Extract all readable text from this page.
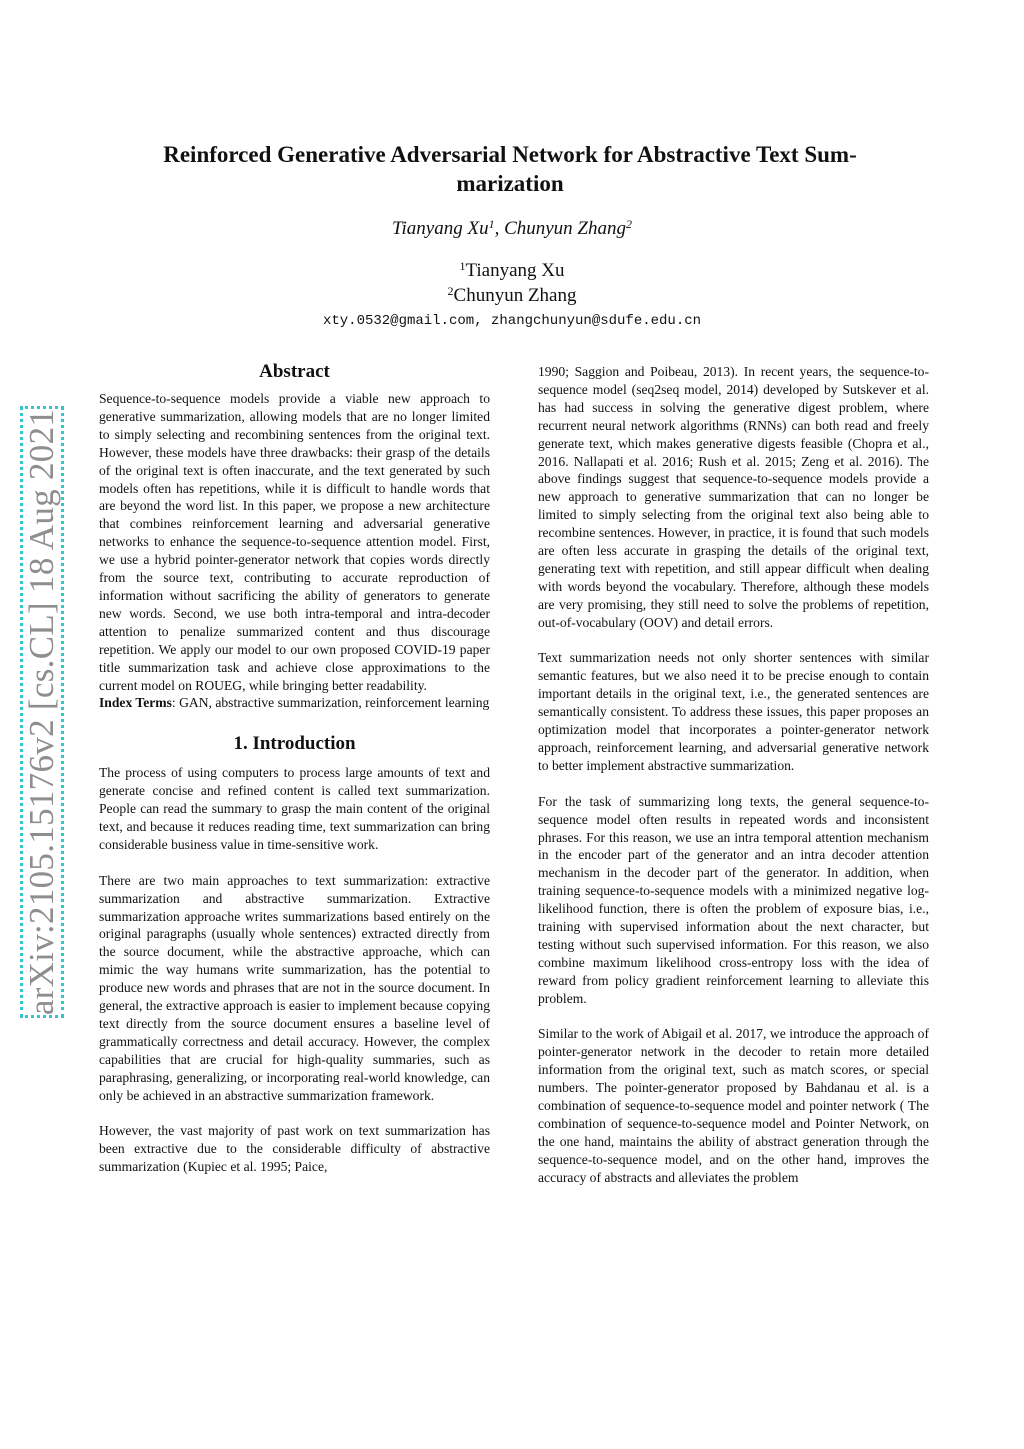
arXiv:2105.15176v2 [cs.CL] 18 Aug 2021
Reinforced Generative Adversarial Network for Abstractive Text Sum-
marization
Tianyang Xu$^1$, Chunyun Zhang$^2$
$^1$Tianyang Xu
$^2$Chunyun Zhang
xty.0532@gmail.com, zhangchunyun@sdufe.edu.cn
Abstract

Sequence-to-sequence models provide a viable new approach to generative summarization, allowing models that are no longer limited to simply selecting and recombining sentences from the original text. However, these models have three drawbacks: their grasp of the details of the original text is often inaccurate, and the text generated by such models often has repetitions, while it is difficult to handle words that are beyond the word list. In this paper, we propose a new architecture that combines reinforcement learning and adversarial generative networks to enhance the sequence-to-sequence attention model. First, we use a hybrid pointer-generator network that copies words directly from the source text, contributing to accurate reproduction of information without sacrificing the ability of generators to generate new words. Second, we use both intra-temporal and intra-decoder attention to penalize summarized content and thus discourage repetition. We apply our model to our own proposed COVID-19 paper title summarization task and achieve close approximations to the current model on ROUEG, while bringing better readability.

Index Terms: GAN, abstractive summarization, reinforcement learning

1. Introduction

The process of using computers to process large amounts of text and generate concise and refined content is called text summarization. People can read the summary to grasp the main content of the original text, and because it reduces reading time, text summarization can bring considerable business value in time-sensitive work.

There are two main approaches to text summarization: extractive summarization and abstractive summarization. Extractive summarization approache writes summarizations based entirely on the original paragraphs (usually whole sentences) extracted directly from the source document, while the abstractive approache, which can mimic the way humans write summarization, has the potential to produce new words and phrases that are not in the source document. In general, the extractive approach is easier to implement because copying text directly from the source document ensures a baseline level of grammatically correctness and detail accuracy. However, the complex capabilities that are crucial for high-quality summaries, such as paraphrasing, generalizing, or incorporating real-world knowledge, can only be achieved in an abstractive summarization framework.

However, the vast majority of past work on text summarization has been extractive due to the considerable difficulty of abstractive summarization (Kupiec et al. 1995; Paice,

1990; Saggion and Poibeau, 2013). In recent years, the sequence-to-sequence model (seq2seq model, 2014) developed by Sutskever et al. has had success in solving the generative digest problem, where recurrent neural network algorithms (RNNs) can both read and freely generate text, which makes generative digests feasible (Chopra et al., 2016. Nallapati et al. 2016; Rush et al. 2015; Zeng et al. 2016). The above findings suggest that sequence-to-sequence models provide a new approach to generative summarization that can no longer be limited to simply selecting from the original text also being able to recombine sentences. However, in practice, it is found that such models are often less accurate in grasping the details of the original text, generating text with repetition, and still appear difficult when dealing with words beyond the vocabulary. Therefore, although these models are very promising, they still need to solve the problems of repetition, out-of-vocabulary (OOV) and detail errors.

Text summarization needs not only shorter sentences with similar semantic features, but we also need it to be precise enough to contain important details in the original text, i.e., the generated sentences are semantically consistent. To address these issues, this paper proposes an optimization model that incorporates a pointer-generator network approach, reinforcement learning, and adversarial generative network to better implement abstractive summarization.

For the task of summarizing long texts, the general sequence-to- sequence model often results in repeated words and inconsistent phrases. For this reason, we use an intra temporal attention mechanism in the encoder part of the generator and an intra decoder attention mechanism in the decoder part of the generator. In addition, when training sequence-to-sequence models with a minimized negative log-likelihood function, there is often the problem of exposure bias, i.e., training with supervised information about the next character, but testing without such supervised information. For this reason, we also combine maximum likelihood cross-entropy loss with the idea of reward from policy gradient reinforcement learning to alleviate this problem.

Similar to the work of Abigail et al. 2017, we introduce the approach of pointer-generator network in the decoder to retain more detailed information from the original text, such as match scores, or special numbers. The pointer-generator proposed by Bahdanau et al. is a combination of sequence-to-sequence model and pointer network ( The combination of sequence-to-sequence model and Pointer Network, on the one hand, maintains the ability of abstract generation through the sequence-to-sequence model, and on the other hand, improves the accuracy of abstracts and alleviates the problem
